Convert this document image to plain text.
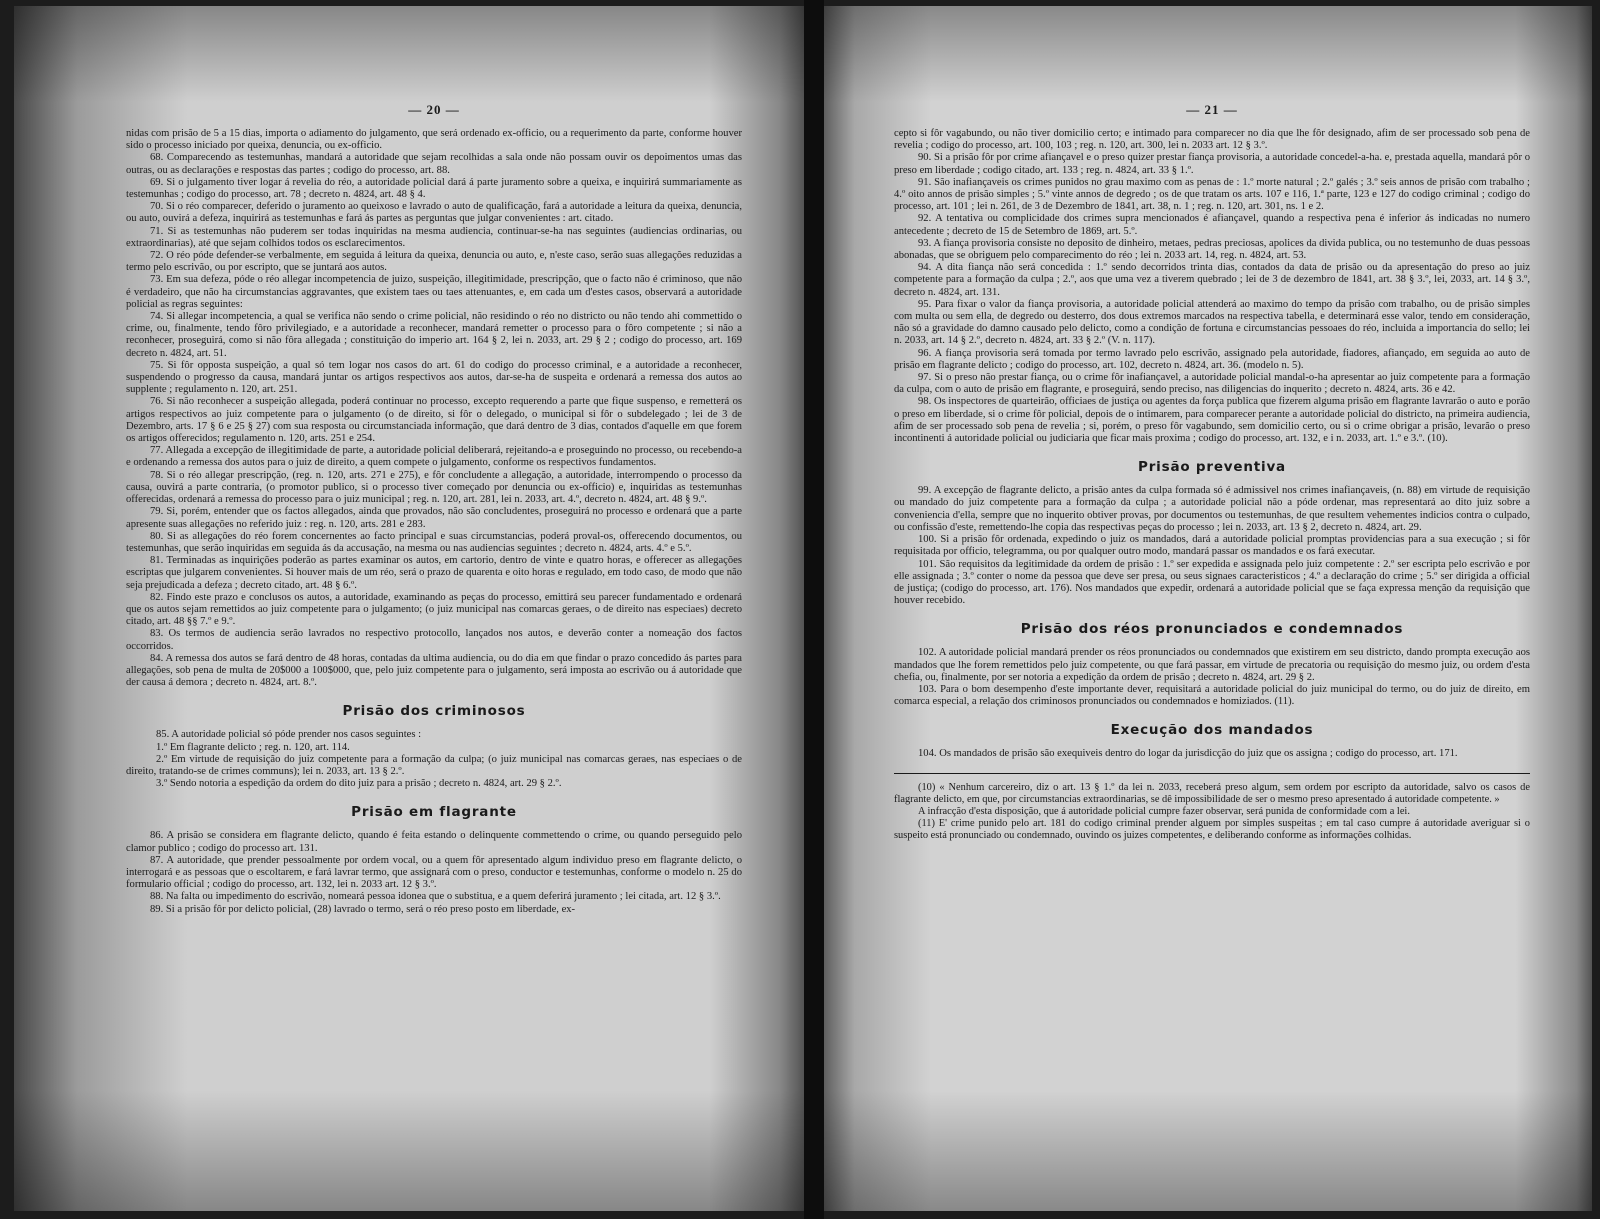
— 20 —

nidas com prisão de 5 a 15 dias, importa o adiamento do julgamento, que será ordenado ex-officio, ou a requerimento da parte, conforme houver sido o processo iniciado por queixa, denuncia, ou ex-officio.

68. Comparecendo as testemunhas, mandará a autoridade que sejam recolhidas a sala onde não possam ouvir os depoimentos umas das outras, ou as declarações e respostas das partes ; codigo do processo, art. 88.

69. Si o julgamento tiver logar á revelia do réo, a autoridade policial dará á parte juramento sobre a queixa, e inquirirá summariamente as testemunhas ; codigo do processo, art. 78 ; decreto n. 4824, art. 48 § 4.

70. Si o réo comparecer, deferido o juramento ao queixoso e lavrado o auto de qualificação, fará a autoridade a leitura da queixa, denuncia, ou auto, ouvirá a defeza, inquirirá as testemunhas e fará ás partes as perguntas que julgar convenientes : art. citado.

71. Si as testemunhas não puderem ser todas inquiridas na mesma audiencia, continuar-se-ha nas seguintes (audiencias ordinarias, ou extraordinarias), até que sejam colhidos todos os esclarecimentos.

72. O réo póde defender-se verbalmente, em seguida á leitura da queixa, denuncia ou auto, e, n'este caso, serão suas allegações reduzidas a termo pelo escrivão, ou por escripto, que se juntará aos autos.

73. Em sua defeza, póde o réo allegar incompetencia de juizo, suspeição, illegitimidade, prescripção, que o facto não é criminoso, que não é verdadeiro, que não ha circumstancias aggravantes, que existem taes ou taes attenuantes, e, em cada um d'estes casos, observará a autoridade policial as regras seguintes:

74. Si allegar incompetencia, a qual se verifica não sendo o crime policial, não residindo o réo no districto ou não tendo ahi commettido o crime, ou, finalmente, tendo fôro privilegiado, e a autoridade a reconhecer, mandará remetter o processo para o fôro competente ; si não a reconhecer, proseguirá, como si não fôra allegada ; constituição do imperio art. 164 § 2, lei n. 2033, art. 29 § 2 ; codigo do processo, art. 169 decreto n. 4824, art. 51.

75. Si fôr opposta suspeição, a qual só tem logar nos casos do art. 61 do codigo do processo criminal, e a autoridade a reconhecer, suspendendo o progresso da causa, mandará juntar os artigos respectivos aos autos, dar-se-ha de suspeita e ordenará a remessa dos autos ao supplente ; regulamento n. 120, art. 251.

76. Si não reconhecer a suspeição allegada, poderá continuar no processo, excepto requerendo a parte que fique suspenso, e remetterá os artigos respectivos ao juiz competente para o julgamento (o de direito, si fôr o delegado, o municipal si fôr o subdelegado ; lei de 3 de Dezembro, arts. 17 § 6 e 25 § 27) com sua resposta ou circumstanciada informação, que dará dentro de 3 dias, contados d'aquelle em que forem os artigos offerecidos; regulamento n. 120, arts. 251 e 254.

77. Allegada a excepção de illegitimidade de parte, a autoridade policial deliberará, rejeitando-a e proseguindo no processo, ou recebendo-a e ordenando a remessa dos autos para o juiz de direito, a quem compete o julgamento, conforme os respectivos fundamentos.

78. Si o réo allegar prescripção, (reg. n. 120, arts. 271 e 275), e fôr concludente a allegação, a autoridade, interrompendo o processo da causa, ouvirá a parte contraria, (o promotor publico, si o processo tiver começado por denuncia ou ex-officio) e, inquiridas as testemunhas offerecidas, ordenará a remessa do processo para o juiz municipal ; reg. n. 120, art. 281, lei n. 2033, art. 4.º, decreto n. 4824, art. 48 § 9.º.

79. Si, porém, entender que os factos allegados, ainda que provados, não são concludentes, proseguirá no processo e ordenará que a parte apresente suas allegações no referido juiz : reg. n. 120, arts. 281 e 283.

80. Si as allegações do réo forem concernentes ao facto principal e suas circumstancias, poderá proval-os, offerecendo documentos, ou testemunhas, que serão inquiridas em seguida ás da accusação, na mesma ou nas audiencias seguintes ; decreto n. 4824, arts. 4.º e 5.º.

81. Terminadas as inquirições poderão as partes examinar os autos, em cartorio, dentro de vinte e quatro horas, e offerecer as allegações escriptas que julgarem convenientes. Si houver mais de um réo, será o prazo de quarenta e oito horas e regulado, em todo caso, de modo que não seja prejudicada a defeza ; decreto citado, art. 48 § 6.º.

82. Findo este prazo e conclusos os autos, a autoridade, examinando as peças do processo, emittirá seu parecer fundamentado e ordenará que os autos sejam remettidos ao juiz competente para o julgamento; (o juiz municipal nas comarcas geraes, o de direito nas especiaes) decreto citado, art. 48 §§ 7.º e 9.º.

83. Os termos de audiencia serão lavrados no respectivo protocollo, lançados nos autos, e deverão conter a nomeação dos factos occorridos.

84. A remessa dos autos se fará dentro de 48 horas, contadas da ultima audiencia, ou do dia em que findar o prazo concedido ás partes para allegações, sob pena de multa de 20$000 a 100$000, que, pelo juiz competente para o julgamento, será imposta ao escrivão ou á autoridade que der causa á demora ; decreto n. 4824, art. 8.º.

Prisão dos criminosos

85. A autoridade policial só póde prender nos casos seguintes :

1.º Em flagrante delicto ; reg. n. 120, art. 114.

2.º Em virtude de requisição do juiz competente para a formação da culpa; (o juiz municipal nas comarcas geraes, nas especiaes o de direito, tratando-se de crimes communs); lei n. 2033, art. 13 § 2.º.

3.º Sendo notoria a espedição da ordem do dito juiz para a prisão ; decreto n. 4824, art. 29 § 2.º.

Prisão em flagrante

86. A prisão se considera em flagrante delicto, quando é feita estando o delinquente commettendo o crime, ou quando perseguido pelo clamor publico ; codigo do processo art. 131.

87. A autoridade, que prender pessoalmente por ordem vocal, ou a quem fôr apresentado algum individuo preso em flagrante delicto, o interrogará e as pessoas que o escoltarem, e fará lavrar termo, que assignará com o preso, conductor e testemunhas, conforme o modelo n. 25 do formulario official ; codigo do processo, art. 132, lei n. 2033 art. 12 § 3.º.

88. Na falta ou impedimento do escrivão, nomeará pessoa idonea que o substitua, e a quem deferirá juramento ; lei citada, art. 12 § 3.º.

89. Si a prisão fôr por delicto policial, (28) lavrado o termo, será o réo preso posto em liberdade, ex-

— 21 —

cepto si fôr vagabundo, ou não tiver domicilio certo; e intimado para comparecer no dia que lhe fôr designado, afim de ser processado sob pena de revelia ; codigo do processo, art. 100, 103 ; reg. n. 120, art. 300, lei n. 2033 art. 12 § 3.º.

90. Si a prisão fôr por crime afiançavel e o preso quizer prestar fiança provisoria, a autoridade concedel-a-ha. e, prestada aquella, mandará pôr o preso em liberdade ; codigo citado, art. 133 ; reg. n. 4824, art. 33 § 1.º.

91. São inafiançaveis os crimes punidos no grau maximo com as penas de : 1.º morte natural ; 2.º galés ; 3.º seis annos de prisão com trabalho ; 4.º oito annos de prisão simples ; 5.º vinte annos de degredo ; os de que tratam os arts. 107 e 116, 1.ª parte, 123 e 127 do codigo criminal ; codigo do processo, art. 101 ; lei n. 261, de 3 de Dezembro de 1841, art. 38, n. 1 ; reg. n. 120, art. 301, ns. 1 e 2.

92. A tentativa ou complicidade dos crimes supra mencionados é afiançavel, quando a respectiva pena é inferior ás indicadas no numero antecedente ; decreto de 15 de Setembro de 1869, art. 5.º.

93. A fiança provisoria consiste no deposito de dinheiro, metaes, pedras preciosas, apolices da divida publica, ou no testemunho de duas pessoas abonadas, que se obriguem pelo comparecimento do réo ; lei n. 2033 art. 14, reg. n. 4824, art. 53.

94. A dita fiança não será concedida : 1.º sendo decorridos trinta dias, contados da data de prisão ou da apresentação do preso ao juiz competente para a formação da culpa ; 2.º, aos que uma vez a tiverem quebrado ; lei de 3 de dezembro de 1841, art. 38 § 3.º, lei, 2033, art. 14 § 3.º, decreto n. 4824, art. 131.

95. Para fixar o valor da fiança provisoria, a autoridade policial attenderá ao maximo do tempo da prisão com trabalho, ou de prisão simples com multa ou sem ella, de degredo ou desterro, dos dous extremos marcados na respectiva tabella, e determinará esse valor, tendo em consideração, não só a gravidade do damno causado pelo delicto, como a condição de fortuna e circumstancias pessoaes do réo, incluida a importancia do sello; lei n. 2033, art. 14 § 2.º, decreto n. 4824, art. 33 § 2.º (V. n. 117).

96. A fiança provisoria será tomada por termo lavrado pelo escrivão, assignado pela autoridade, fiadores, afiançado, em seguida ao auto de prisão em flagrante delicto ; codigo do processo, art. 102, decreto n. 4824, art. 36. (modelo n. 5).

97. Si o preso não prestar fiança, ou o crime fôr inafiançavel, a autoridade policial mandal-o-ha apresentar ao juiz competente para a formação da culpa, com o auto de prisão em flagrante, e proseguirá, sendo preciso, nas diligencias do inquerito ; decreto n. 4824, arts. 36 e 42.

98. Os inspectores de quarteirão, officiaes de justiça ou agentes da força publica que fizerem alguma prisão em flagrante lavrarão o auto e porão o preso em liberdade, si o crime fôr policial, depois de o intimarem, para comparecer perante a autoridade policial do districto, na primeira audiencia, afim de ser processado sob pena de revelia ; si, porém, o preso fôr vagabundo, sem domicilio certo, ou si o crime obrigar a prisão, levarão o preso incontinenti á autoridade policial ou judiciaria que ficar mais proxima ; codigo do processo, art. 132, e i n. 2033, art. 1.º e 3.º. (10).

Prisão preventiva

99. A excepção de flagrante delicto, a prisão antes da culpa formada só é admissivel nos crimes inafiançaveis, (n. 88) em virtude de requisição ou mandado do juiz competente para a formação da culpa ; a autoridade policial não a póde ordenar, mas representará ao dito juiz sobre a conveniencia d'ella, sempre que no inquerito obtiver provas, por documentos ou testemunhas, de que resultem vehementes indicios contra o culpado, ou confissão d'este, remettendo-lhe copia das respectivas peças do processo ; lei n. 2033, art. 13 § 2, decreto n. 4824, art. 29.

100. Si a prisão fôr ordenada, expedindo o juiz os mandados, dará a autoridade policial promptas providencias para a sua execução ; si fôr requisitada por officio, telegramma, ou por qualquer outro modo, mandará passar os mandados e os fará executar.

101. São requisitos da legitimidade da ordem de prisão : 1.º ser expedida e assignada pelo juiz competente : 2.º ser escripta pelo escrivão e por elle assignada ; 3.º conter o nome da pessoa que deve ser presa, ou seus signaes caracteristicos ; 4.º a declaração do crime ; 5.º ser dirigida a official de justiça; (codigo do processo, art. 176). Nos mandados que expedir, ordenará a autoridade policial que se faça expressa menção da requisição que houver recebido.

Prisão dos réos pronunciados e condemnados

102. A autoridade policial mandará prender os réos pronunciados ou condemnados que existirem em seu districto, dando prompta execução aos mandados que lhe forem remettidos pelo juiz competente, ou que fará passar, em virtude de precatoria ou requisição do mesmo juiz, ou ordem d'esta chefia, ou, finalmente, por ser notoria a expedição da ordem de prisão ; decreto n. 4824, art. 29 § 2.

103. Para o bom desempenho d'este importante dever, requisitará a autoridade policial do juiz municipal do termo, ou do juiz de direito, em comarca especial, a relação dos criminosos pronunciados ou condemnados e homiziados. (11).

Execução dos mandados

104. Os mandados de prisão são exequiveis dentro do logar da jurisdicção do juiz que os assigna ; codigo do processo, art. 171.

(10) « Nenhum carcereiro, diz o art. 13 § 1.º da lei n. 2033, receberá preso algum, sem ordem por escripto da autoridade, salvo os casos de flagrante delicto, em que, por circumstancias extraordinarias, se dê impossibilidade de ser o mesmo preso apresentado á autoridade competente. »

A infracção d'esta disposição, que á autoridade policial cumpre fazer observar, será punida de conformidade com a lei.

(11) E' crime punido pelo art. 181 do codigo criminal prender alguem por simples suspeitas ; em tal caso cumpre á autoridade averiguar si o suspeito está pronunciado ou condemnado, ouvindo os juizes competentes, e deliberando conforme as informações colhidas.
